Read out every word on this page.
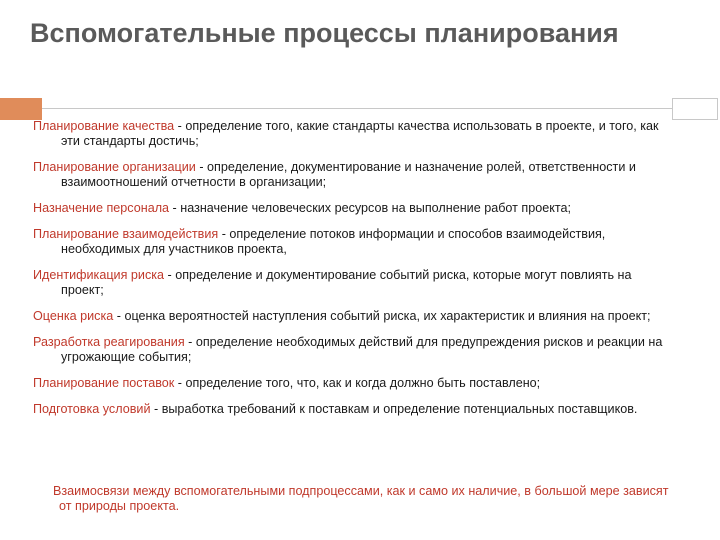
Вспомогательные процессы планирования
Планирование качества - определение того, какие стандарты качества использовать в проекте, и того, как эти стандарты достичь;
Планирование организации - определение, документирование и назначение ролей, ответственности и взаимоотношений отчетности в организации;
Назначение персонала - назначение человеческих ресурсов на выполнение работ проекта;
Планирование взаимодействия - определение потоков информации и способов взаимодействия, необходимых для участников проекта,
Идентификация риска - определение и документирование событий риска, которые могут повлиять на проект;
Оценка риска - оценка вероятностей наступления событий риска, их характеристик и влияния на проект;
Разработка реагирования - определение необходимых действий для предупреждения рисков и реакции на угрожающие события;
Планирование поставок - определение того, что, как и когда должно быть поставлено;
Подготовка условий - выработка требований к поставкам и определение потенциальных поставщиков.
Взаимосвязи между вспомогательными подпроцессами, как и само их наличие, в большой мере зависят от природы проекта.
